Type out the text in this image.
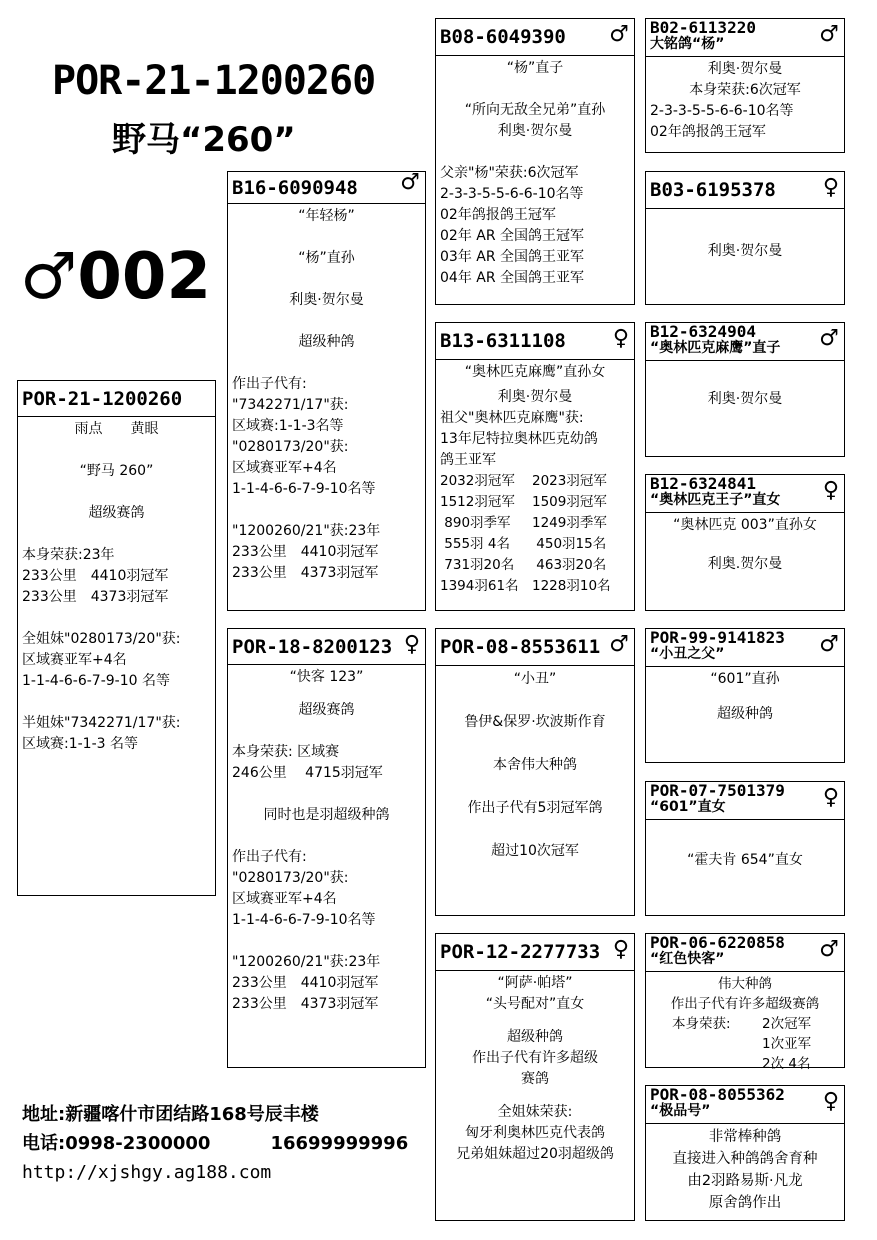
POR-21-1200260
野马“260”
♂002
POR-21-1200260
雨点　　黄眼
“野马 260”
超级赛鸽
本身荣获:23年
233公里　4410羽冠军
233公里　4373羽冠军
全姐妹"0280173/20"获:
区域赛亚军+4名
1-1-4-6-6-7-9-10 名等
半姐妹"7342271/17"获:
区域赛:1-1-3 名等
B16-6090948 ♂
“年轻杨”
“杨”直孙
利奥·贺尔曼
超级种鸽
作出子代有:
"7342271/17"获:
区域赛:1-1-3名等
"0280173/20"获:
区域赛亚军+4名
1-1-4-6-6-7-9-10名等
"1200260/21"获:23年
233公里　4410羽冠军
233公里　4373羽冠军
POR-18-8200123 ♀
“快客 123”
超级赛鸽
本身荣获: 区域赛
246公里　 4715羽冠军
同时也是羽超级种鸽
作出子代有:
"0280173/20"获:
区域赛亚军+4名
1-1-4-6-6-7-9-10名等
"1200260/21"获:23年
233公里　4410羽冠军
233公里　4373羽冠军
B08-6049390 ♂
“杨”直子
“所向无敌全兄弟”直孙
利奥·贺尔曼
父亲"杨"荣获:6次冠军
2-3-3-5-5-6-6-10名等
02年鸽报鸽王冠军
02年 AR 全国鸽王冠军
03年 AR 全国鸽王亚军
04年 AR 全国鸽王亚军
B13-6311108 ♀
“奥林匹克麻鹰”直孙女
利奥·贺尔曼
祖父"奥林匹克麻鹰"获:
13年尼特拉奥林匹克幼鸽
鸽王亚军
2032羽冠军 2023羽冠军
1512羽冠军 1509羽冠军
890羽季军 1249羽季军
555羽 4名 450羽15名
731羽20名 463羽20名
1394羽61名 1228羽10名
POR-08-8553611 ♂
“小丑”
鲁伊&保罗·坎波斯作育
本舍伟大种鸽
作出子代有5羽冠军鸽
超过10次冠军
POR-12-2277733 ♀
“阿萨·帕塔”
“头号配对”直女
超级种鸽
作出子代有许多超级
赛鸽
全姐妹荣获:
匈牙利奥林匹克代表鸽
兄弟姐妹超过20羽超级鸽
B02-6113220
大铭鸽“杨”	♂
利奥·贺尔曼
本身荣获:6次冠军
2-3-3-5-5-6-6-10名等
02年鸽报鸽王冠军
B03-6195378 ♀
利奥·贺尔曼
B12-6324904
“奥林匹克麻鹰”直子	♂
利奥·贺尔曼
B12-6324841
“奥林匹克王子”直女	♀
“奥林匹克 003”直孙女
利奥.贺尔曼
POR-99-9141823
“小丑之父”	♂
“601”直孙
超级种鸽
POR-07-7501379
“601”直女	♀
“霍夫肯 654”直女
POR-06-6220858
“红色快客”	♂
伟大种鸽
作出子代有许多超级赛鸽
本身荣获: 2次冠军
1次亚军
2次 4名
POR-08-8055362
“极品号”	♀
非常棒种鸽
直接进入种鸽鸽舍育种
由2羽路易斯·凡龙
原舍鸽作出
地址:新疆喀什市团结路168号辰丰楼
电话:0998-2300000	16699999996
http://xjshgy.ag188.com
